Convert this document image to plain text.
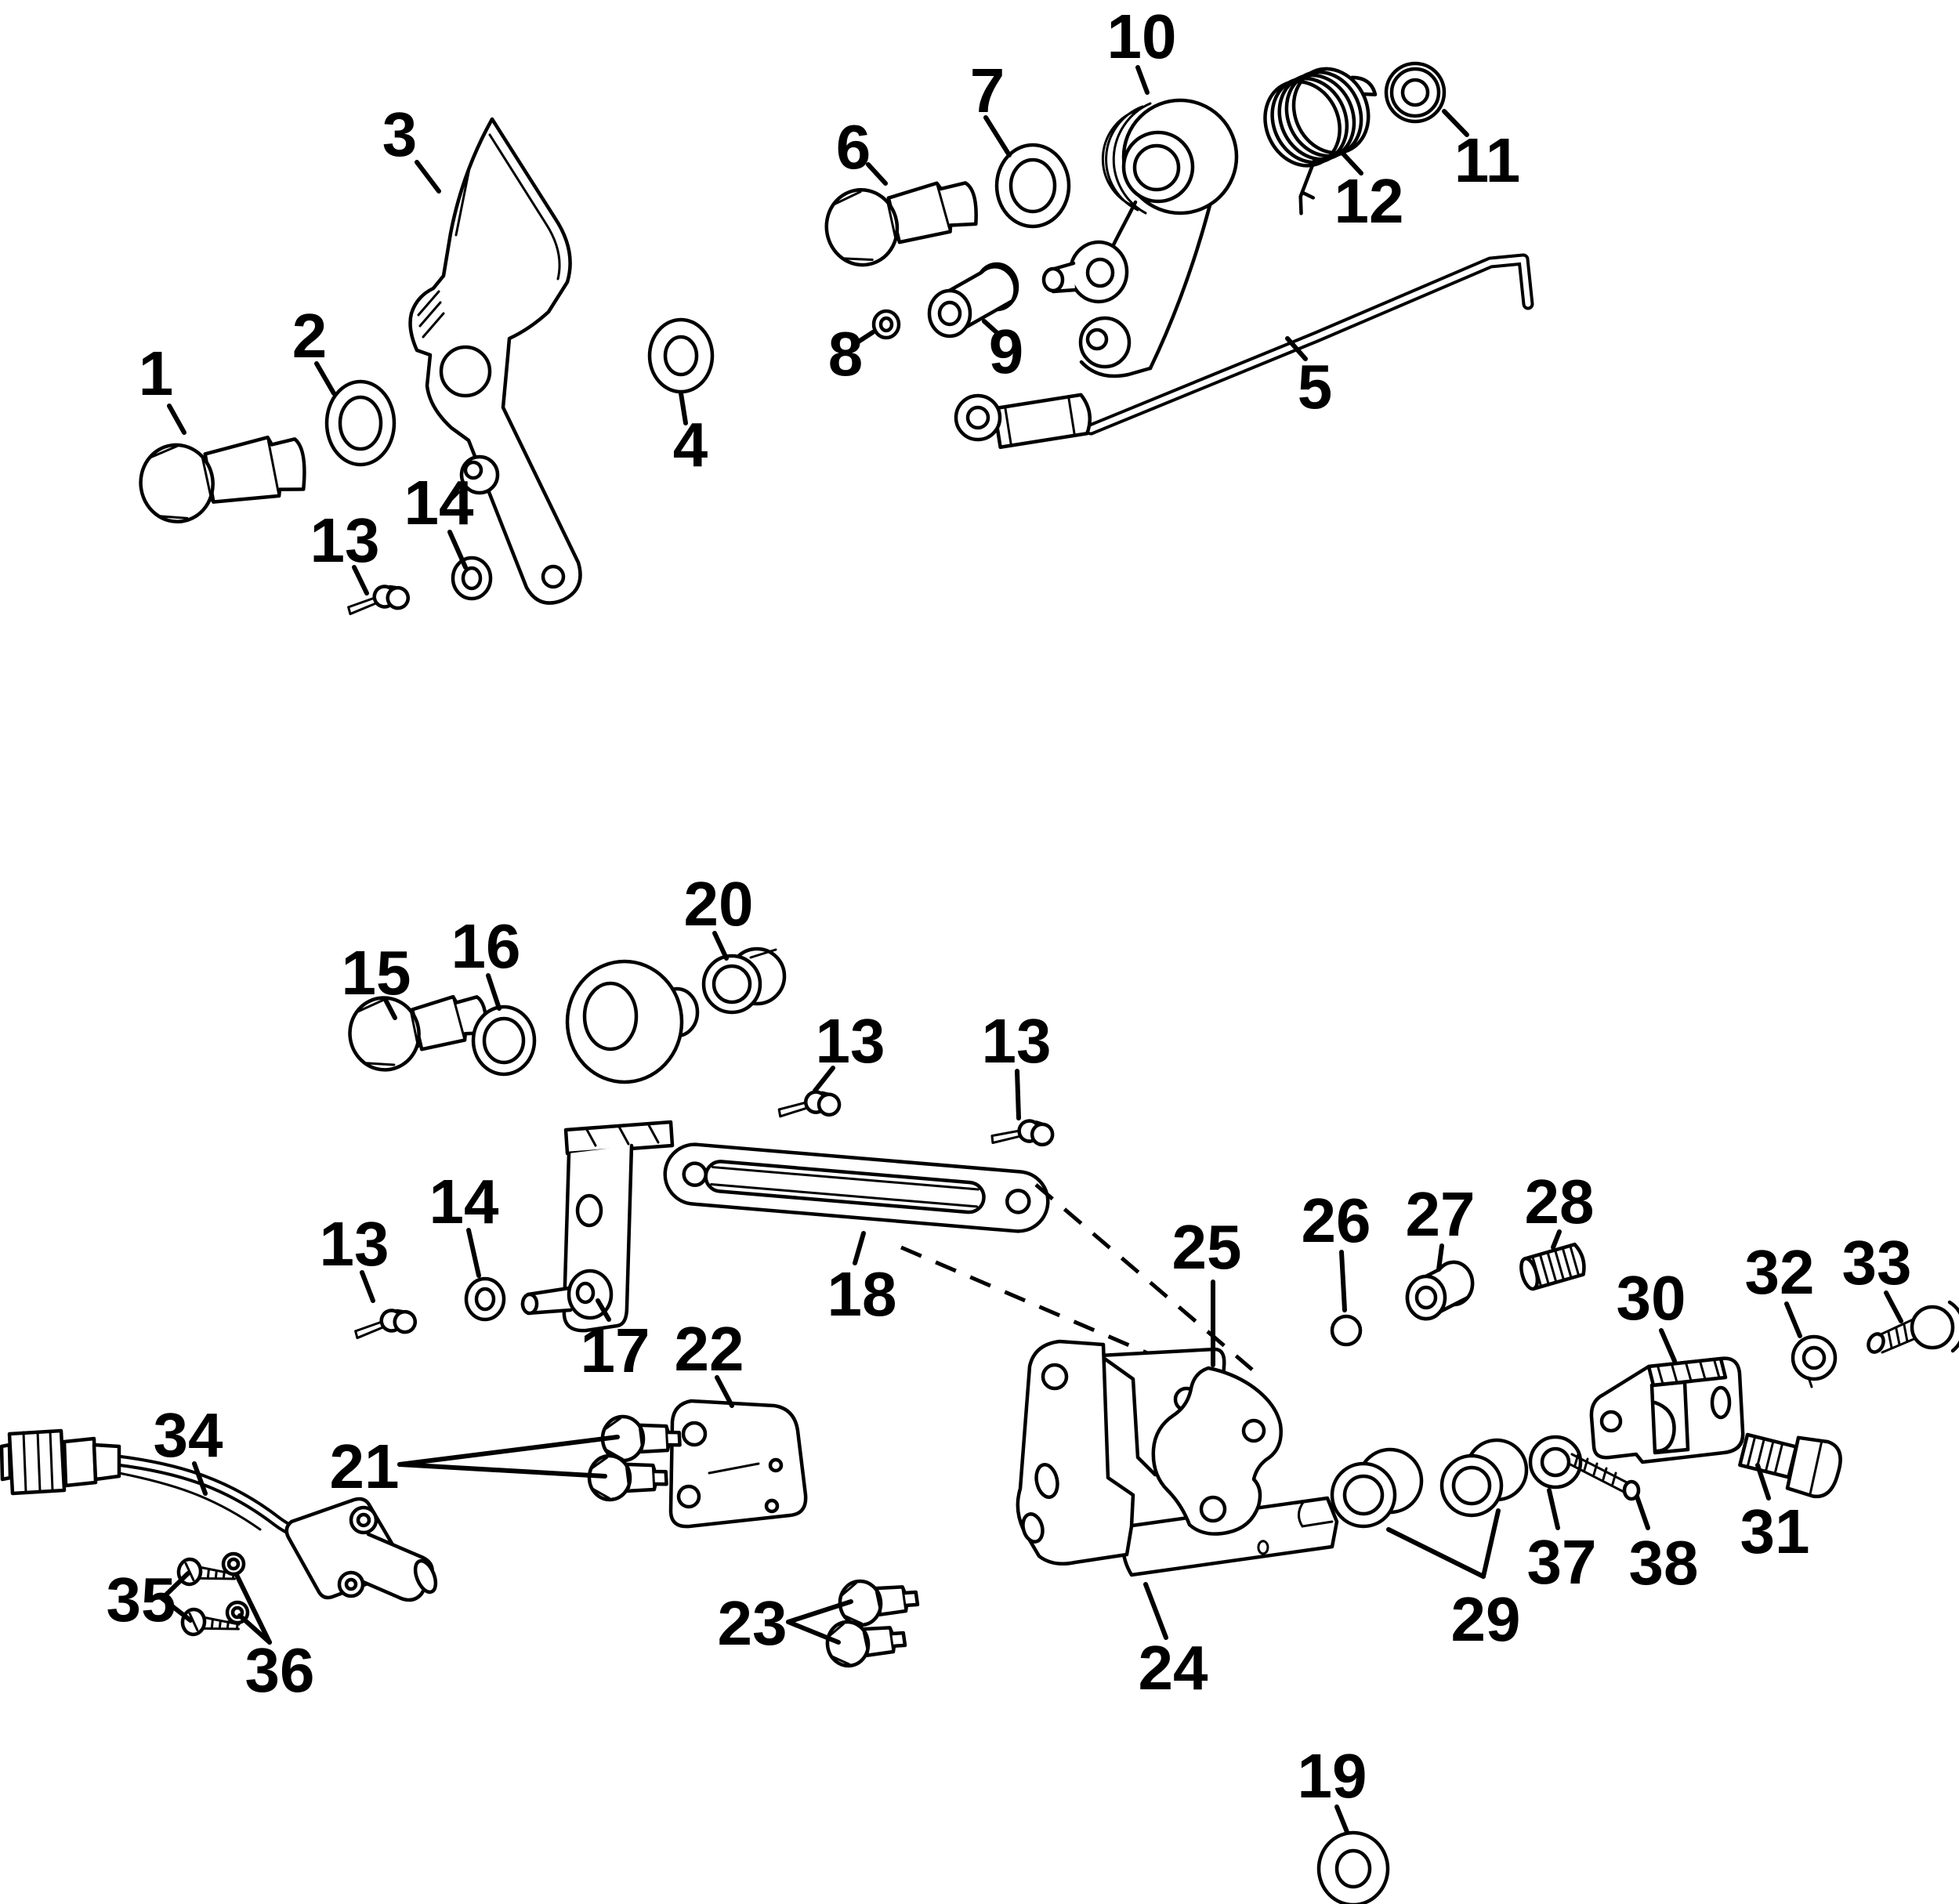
1
2
3
4
5
6
7
8 9
10
11
12
13
14
15 16
20
13 13
14
13
17
18
22
21
23
24
25 26 27 28
29
30
31
32 33
34
35
36
37 38
19
